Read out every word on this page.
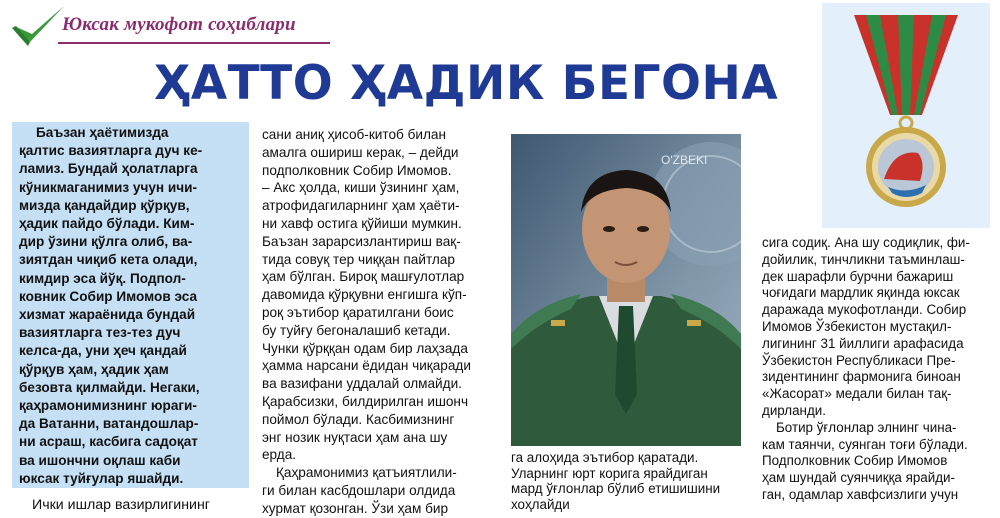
Юксак мукофот соҳиблари
ҲАТТО ҲАДИК БЕГОНА
Баъзан ҳаётимизда
қалтис вазиятларга дуч ке-
ламиз. Бундай ҳолатларга
кўникмаганимиз учун ичи-
мизда қандайдир қўрқув,
ҳадик пайдо бўлади. Ким-
дир ўзини қўлга олиб, ва-
зиятдан чиқиб кета олади,
кимдир эса йўқ. Подпол-
ковник Собир Имомов эса
хизмат жараёнида бундай
вазиятларга тез-тез дуч
келса-да, уни ҳеч қандай
қўрқув ҳам, ҳадик ҳам
безовта қилмайди. Негаки,
қаҳрамонимизнинг юраги-
да Ватанни, ватандошлар-
ни асраш, касбига садоқат
ва ишончни оқлаш каби
юксак туйғулар яшайди.
Ички ишлар вазирлигининг
сани аниқ ҳисоб-китоб билан
амалга ошириш керак, – дейди
подполковник Собир Имомов.
– Акс ҳолда, киши ўзининг ҳам,
атрофидагиларнинг ҳам ҳаёти-
ни хавф остига қўйиши мумкин.
Баъзан зарарсизлантириш вақ-
тида совуқ тер чиққан пайтлар
ҳам бўлган. Бироқ машғулотлар
давомида қўрқувни енгишга кўп-
роқ эътибор қаратилгани боис
бу туйғу бегоналашиб кетади.
Чунки қўрққан одам бир лаҳзада
ҳамма нарсани ёдидан чиқаради
ва вазифани уддалай олмайди.
Қарабсизки, билдирилган ишонч
поймол бўлади. Касбимизнинг
энг нозик нуқтаси ҳам ана шу
ерда.
Қаҳрамонимиз қатъиятлили-
ги билан касбдошлари олдида
хурмат қозонган. Ўзи ҳам бир
O'ZBEKI
га алоҳида эътибор қаратади.
Уларнинг юрт корига ярайдиган
мард ўғлонлар бўлиб етишишини
хоҳлайди
сига содиқ. Ана шу содиқлик, фи-
дойилик, тинчликни таъминлаш-
дек шарафли бурчни бажариш
чоғидаги мардлик яқинда юксак
даражада мукофотланди. Собир
Имомов Ўзбекистон мустақил-
лигининг 31 йиллиги арафасида
Ўзбекистон Республикаси Пре-
зидентининг фармонига биноан
«Жасорат» медали билан тақ-
дирланди.
Ботир ўғлонлар элнинг чина-
кам таянчи, суянган тоғи бўлади.
Подполковник Собир Имомов
ҳам шундай суянчиққа ярайди-
ган, одамлар хавфсизлиги учун
